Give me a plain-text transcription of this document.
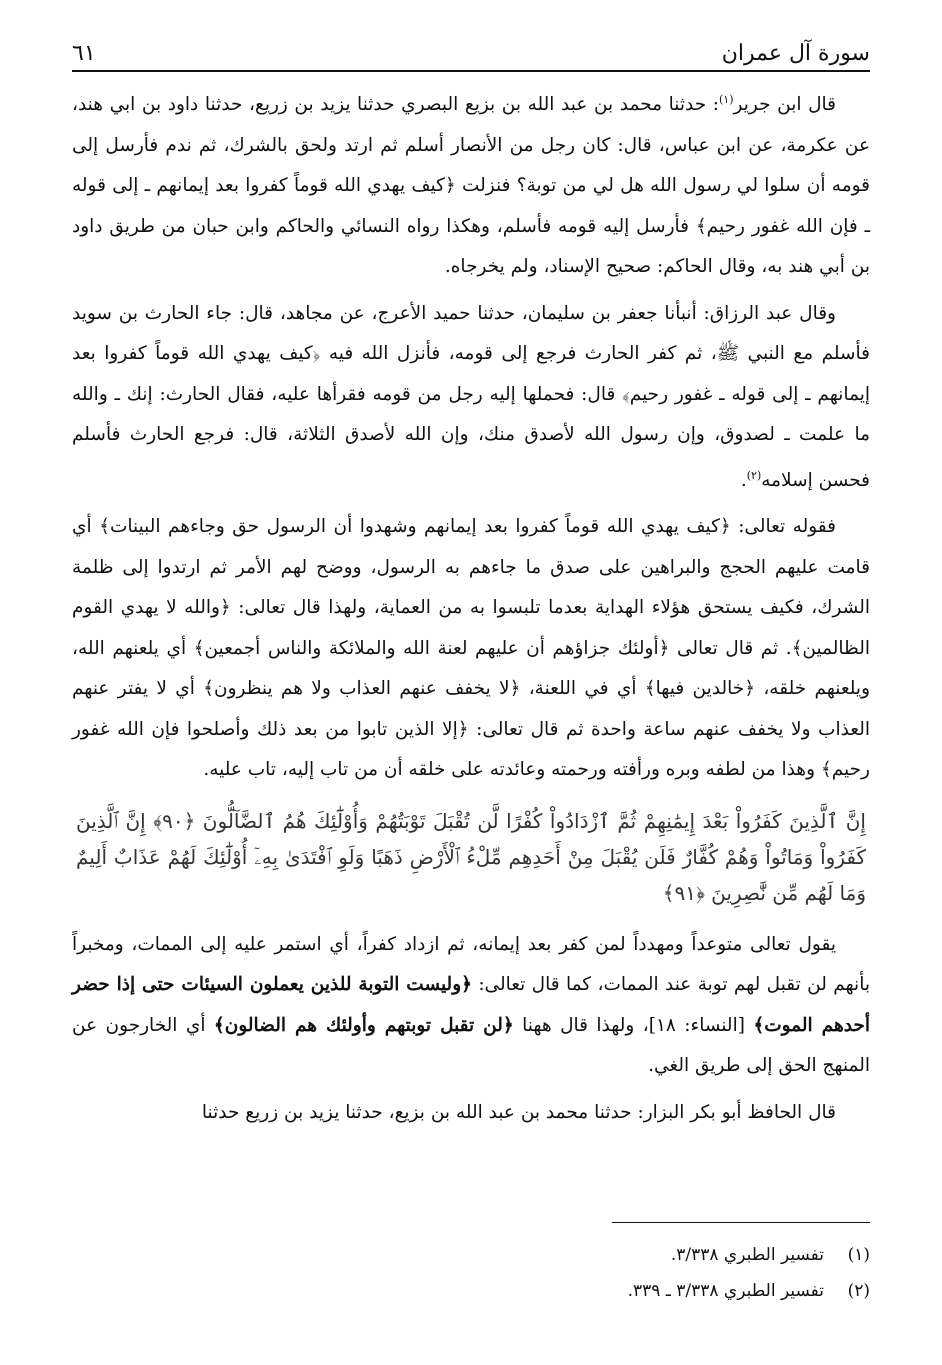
سورة آل عمران
٦١

قال ابن جرير$^{(١)}$: حدثنا محمد بن عبد الله بن بزيع البصري حدثنا يزيد بن زريع، حدثنا داود بن ابي هند، عن عكرمة، عن ابن عباس، قال: كان رجل من الأنصار أسلم ثم ارتد ولحق بالشرك، ثم ندم فأرسل إلى قومه أن سلوا لي رسول الله هل لي من توبة؟ فنزلت ﴿كيف يهدي الله قوماً كفروا بعد إيمانهم ـ إلى قوله ـ فإن الله غفور رحيم﴾ فأرسل إليه قومه فأسلم، وهكذا رواه النسائي والحاكم وابن حبان من طريق داود بن أبي هند به، وقال الحاكم: صحيح الإسناد، ولم يخرجاه.

وقال عبد الرزاق: أنبأنا جعفر بن سليمان، حدثنا حميد الأعرج، عن مجاهد، قال: جاء الحارث بن سويد فأسلم مع النبي ﷺ، ثم كفر الحارث فرجع إلى قومه، فأنزل الله فيه ﴿كيف يهدي الله قوماً كفروا بعد إيمانهم ـ إلى قوله ـ غفور رحيم﴾ قال: فحملها إليه رجل من قومه فقرأها عليه، فقال الحارث: إنك ـ والله ما علمت ـ لصدوق، وإن رسول الله لأصدق منك، وإن الله لأصدق الثلاثة، قال: فرجع الحارث فأسلم فحسن إسلامه$^{(٢)}$.

فقوله تعالى: ﴿كيف يهدي الله قوماً كفروا بعد إيمانهم وشهدوا أن الرسول حق وجاءهم البينات﴾ أي قامت عليهم الحجج والبراهين على صدق ما جاءهم به الرسول، ووضح لهم الأمر ثم ارتدوا إلى ظلمة الشرك، فكيف يستحق هؤلاء الهداية بعدما تلبسوا به من العماية، ولهذا قال تعالى: ﴿والله لا يهدي القوم الظالمين﴾. ثم قال تعالى ﴿أولئك جزاؤهم أن عليهم لعنة الله والملائكة والناس أجمعين﴾ أي يلعنهم الله، ويلعنهم خلقه، ﴿خالدين فيها﴾ أي في اللعنة، ﴿لا يخفف عنهم العذاب ولا هم ينظرون﴾ أي لا يفتر عنهم العذاب ولا يخفف عنهم ساعة واحدة ثم قال تعالى: ﴿إلا الذين تابوا من بعد ذلك وأصلحوا فإن الله غفور رحيم﴾ وهذا من لطفه وبره ورأفته ورحمته وعائدته على خلقه أن من تاب إليه، تاب عليه.

إِنَّ ٱلَّذِينَ كَفَرُواْ بَعْدَ إِيمَٰنِهِمْ ثُمَّ ٱزْدَادُواْ كُفْرًا لَّن تُقْبَلَ تَوْبَتُهُمْ وَأُوْلَٰٓئِكَ هُمُ ٱلضَّآلُّونَ ﴿٩٠﴾ إِنَّ ٱلَّذِينَ كَفَرُواْ وَمَاتُواْ وَهُمْ كُفَّارٌ فَلَن يُقْبَلَ مِنْ أَحَدِهِم مِّلْءُ ٱلْأَرْضِ ذَهَبًا وَلَوِ ٱفْتَدَىٰ بِهِۦٓ أُوْلَٰٓئِكَ لَهُمْ عَذَابٌ أَلِيمٌ وَمَا لَهُم مِّن نَّٰصِرِينَ ﴿٩١﴾

يقول تعالى متوعداً ومهدداً لمن كفر بعد إيمانه، ثم ازداد كفراً، أي استمر عليه إلى الممات، ومخبراً بأنهم لن تقبل لهم توبة عند الممات، كما قال تعالى: ﴿وليست التوبة للذين يعملون السيئات حتى إذا حضر أحدهم الموت﴾ [النساء: ١٨]، ولهذا قال ههنا ﴿لن تقبل توبتهم وأولئك هم الضالون﴾ أي الخارجون عن المنهج الحق إلى طريق الغي.

قال الحافظ أبو بكر البزار: حدثنا محمد بن عبد الله بن بزيع، حدثنا يزيد بن زريع حدثنا

(١)تفسير الطبري ٣/٣٣٨.
(٢)تفسير الطبري ٣/٣٣٨ ـ ٣٣٩.
